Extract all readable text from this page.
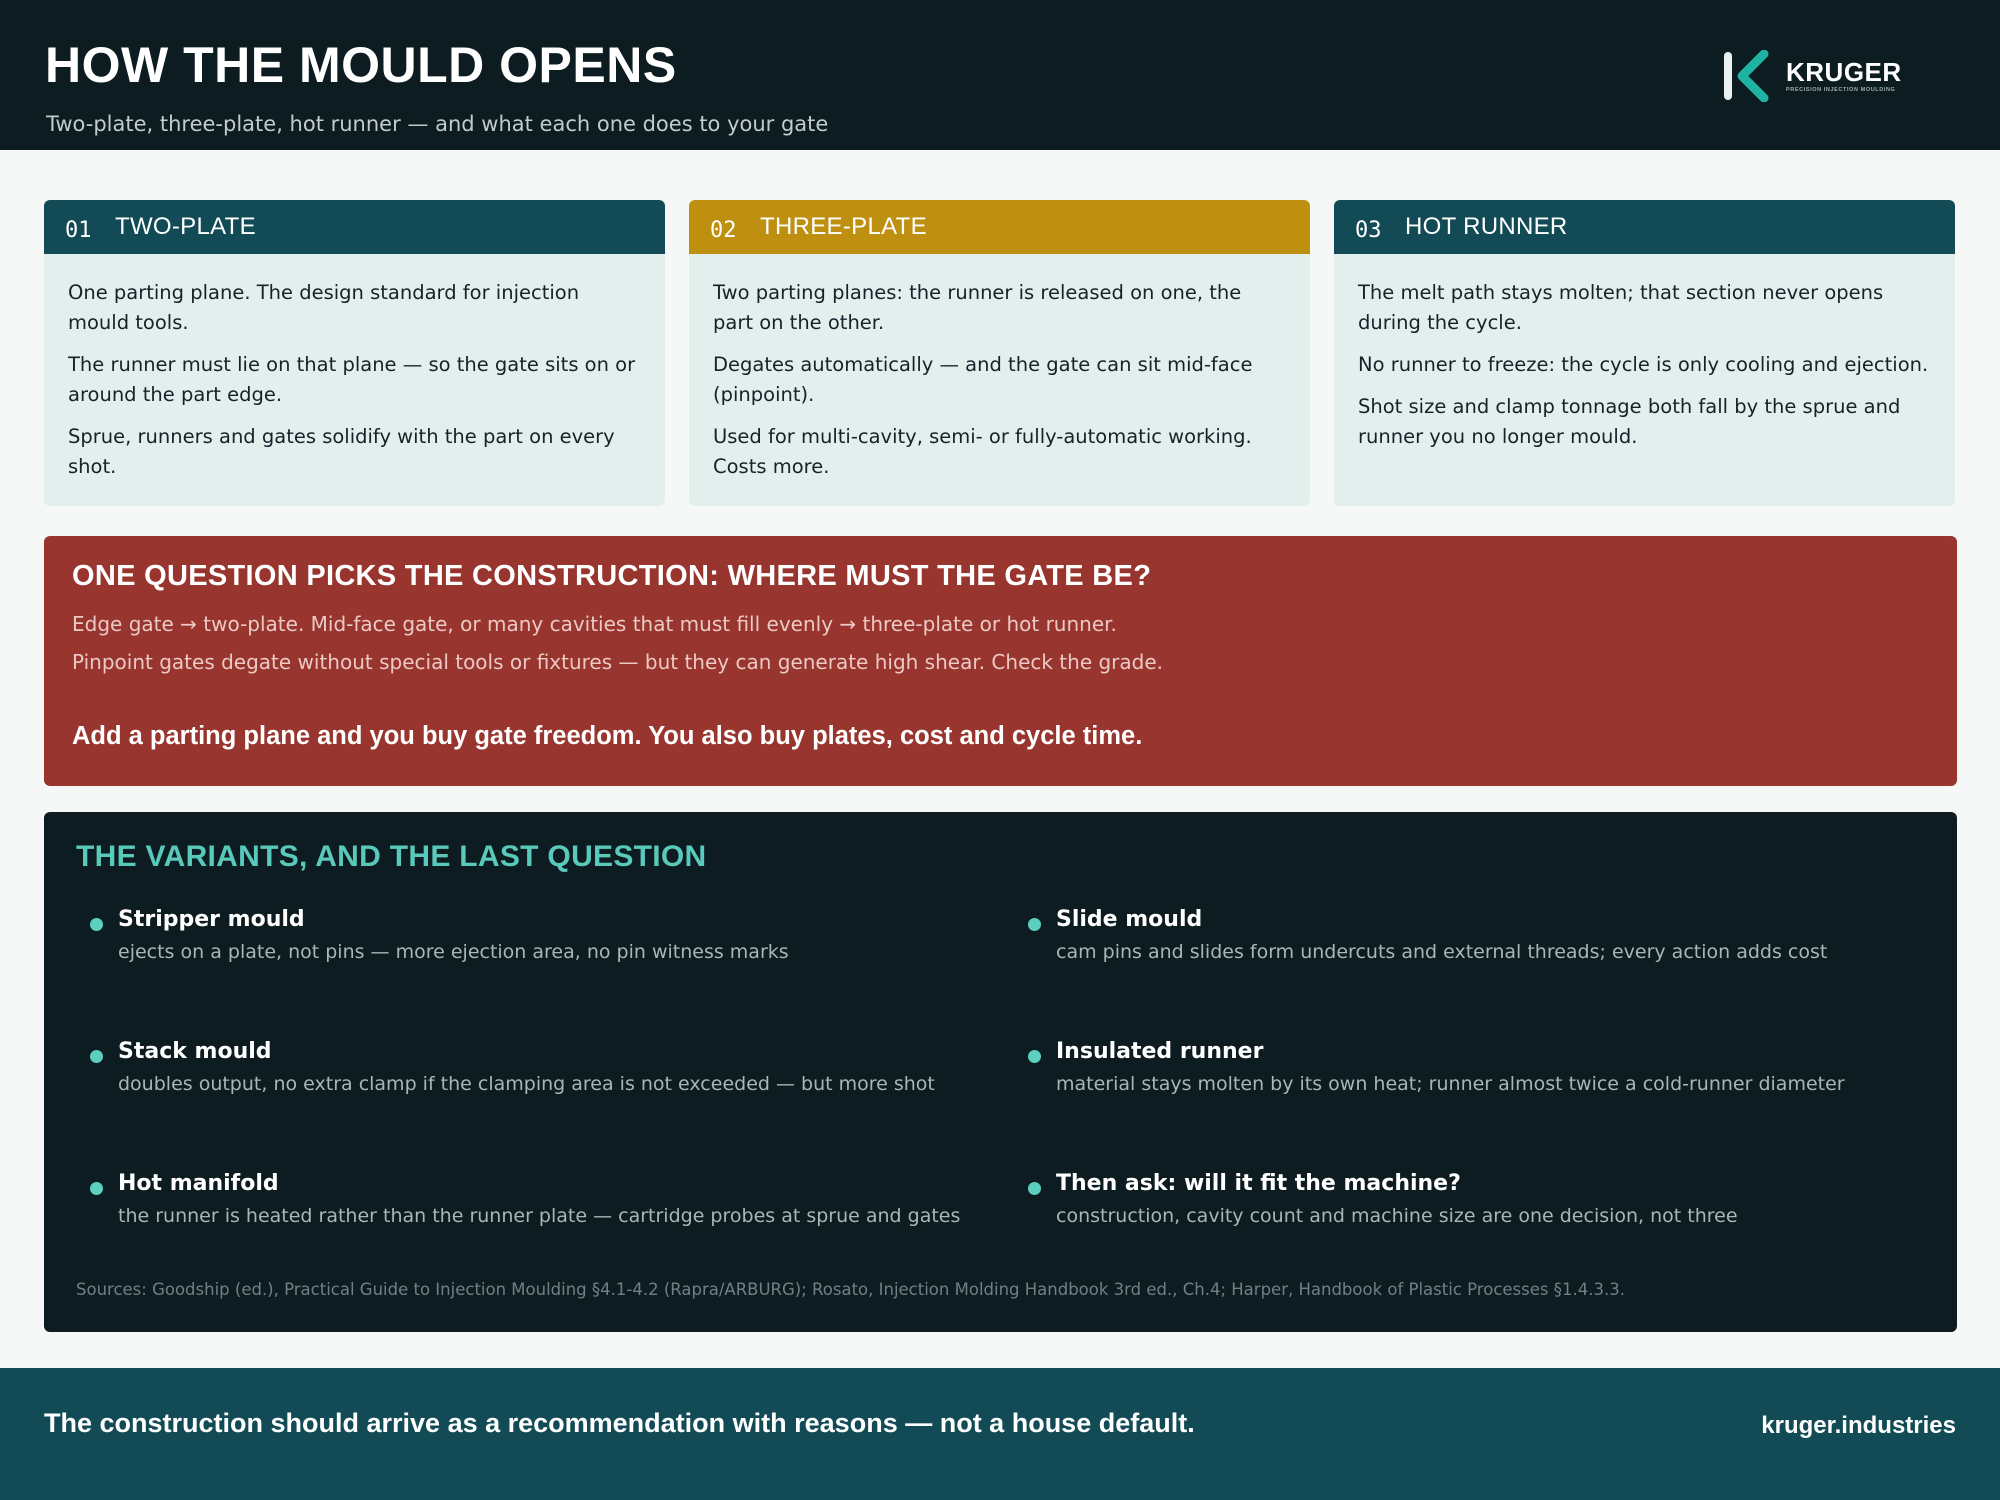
HOW THE MOULD OPENS
Two-plate, three-plate, hot runner — and what each one does to your gate
KRUGER
PRECISION INJECTION MOULDING
01 TWO-PLATE

One parting plane. The design standard for injection mould tools.

The runner must lie on that plane — so the gate sits on or around the part edge.

Sprue, runners and gates solidify with the part on every shot.

02 THREE-PLATE

Two parting planes: the runner is released on one, the part on the other.

Degates automatically — and the gate can sit mid-face (pinpoint).

Used for multi-cavity, semi- or fully-automatic working. Costs more.

03 HOT RUNNER

The melt path stays molten; that section never opens during the cycle.

No runner to freeze: the cycle is only cooling and ejection.

Shot size and clamp tonnage both fall by the sprue and runner you no longer mould.

ONE QUESTION PICKS THE CONSTRUCTION: WHERE MUST THE GATE BE?
Edge gate → two-plate. Mid-face gate, or many cavities that must fill evenly → three-plate or hot runner.
Pinpoint gates degate without special tools or fixtures — but they can generate high shear. Check the grade.
Add a parting plane and you buy gate freedom. You also buy plates, cost and cycle time.
THE VARIANTS, AND THE LAST QUESTION
Stripper mould
ejects on a plate, not pins — more ejection area, no pin witness marks
Slide mould
cam pins and slides form undercuts and external threads; every action adds cost
Stack mould
doubles output, no extra clamp if the clamping area is not exceeded — but more shot
Insulated runner
material stays molten by its own heat; runner almost twice a cold-runner diameter
Hot manifold
the runner is heated rather than the runner plate — cartridge probes at sprue and gates
Then ask: will it fit the machine?
construction, cavity count and machine size are one decision, not three
Sources: Goodship (ed.), Practical Guide to Injection Moulding §4.1-4.2 (Rapra/ARBURG); Rosato, Injection Molding Handbook 3rd ed., Ch.4; Harper, Handbook of Plastic Processes §1.4.3.3.
The construction should arrive as a recommendation with reasons — not a house default.	kruger.industries
